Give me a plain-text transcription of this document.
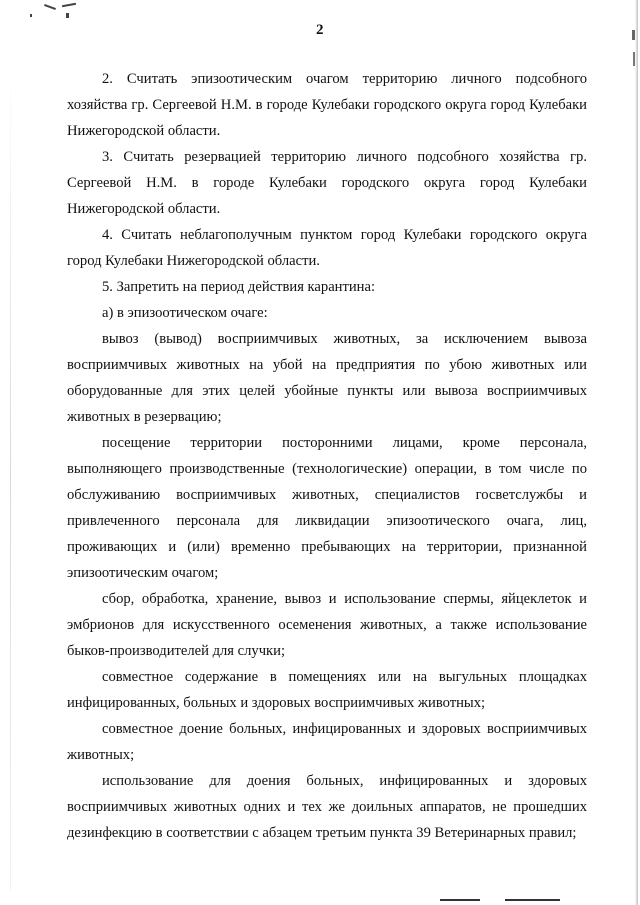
2

2. Считать эпизоотическим очагом территорию личного подсобного хозяйства гр. Сергеевой Н.М. в городе Кулебаки городского округа город Кулебаки Нижегородской области.

3. Считать резервацией территорию личного подсобного хозяйства гр. Сергеевой Н.М. в городе Кулебаки городского округа город Кулебаки Нижегородской области.

4. Считать неблагополучным пунктом город Кулебаки городского округа город Кулебаки Нижегородской области.

5. Запретить на период действия карантина:

а) в эпизоотическом очаге:

вывоз (вывод) восприимчивых животных, за исключением вывоза восприимчивых животных на убой на предприятия по убою животных или оборудованные для этих целей убойные пункты или вывоза восприимчивых животных в резервацию;

посещение территории посторонними лицами, кроме персонала, выполняющего производственные (технологические) операции, в том числе по обслуживанию восприимчивых животных, специалистов госветслужбы и привлеченного персонала для ликвидации эпизоотического очага, лиц, проживающих и (или) временно пребывающих на территории, признанной эпизоотическим очагом;

сбор, обработка, хранение, вывоз и использование спермы, яйцеклеток и эмбрионов для искусственного осеменения животных, а также использование быков-производителей для случки;

совместное содержание в помещениях или на выгульных площадках инфицированных, больных и здоровых восприимчивых животных;

совместное доение больных, инфицированных и здоровых восприимчивых животных;

использование для доения больных, инфицированных и здоровых восприимчивых животных одних и тех же доильных аппаратов, не прошедших дезинфекцию в соответствии с абзацем третьим пункта 39 Ветеринарных правил;
